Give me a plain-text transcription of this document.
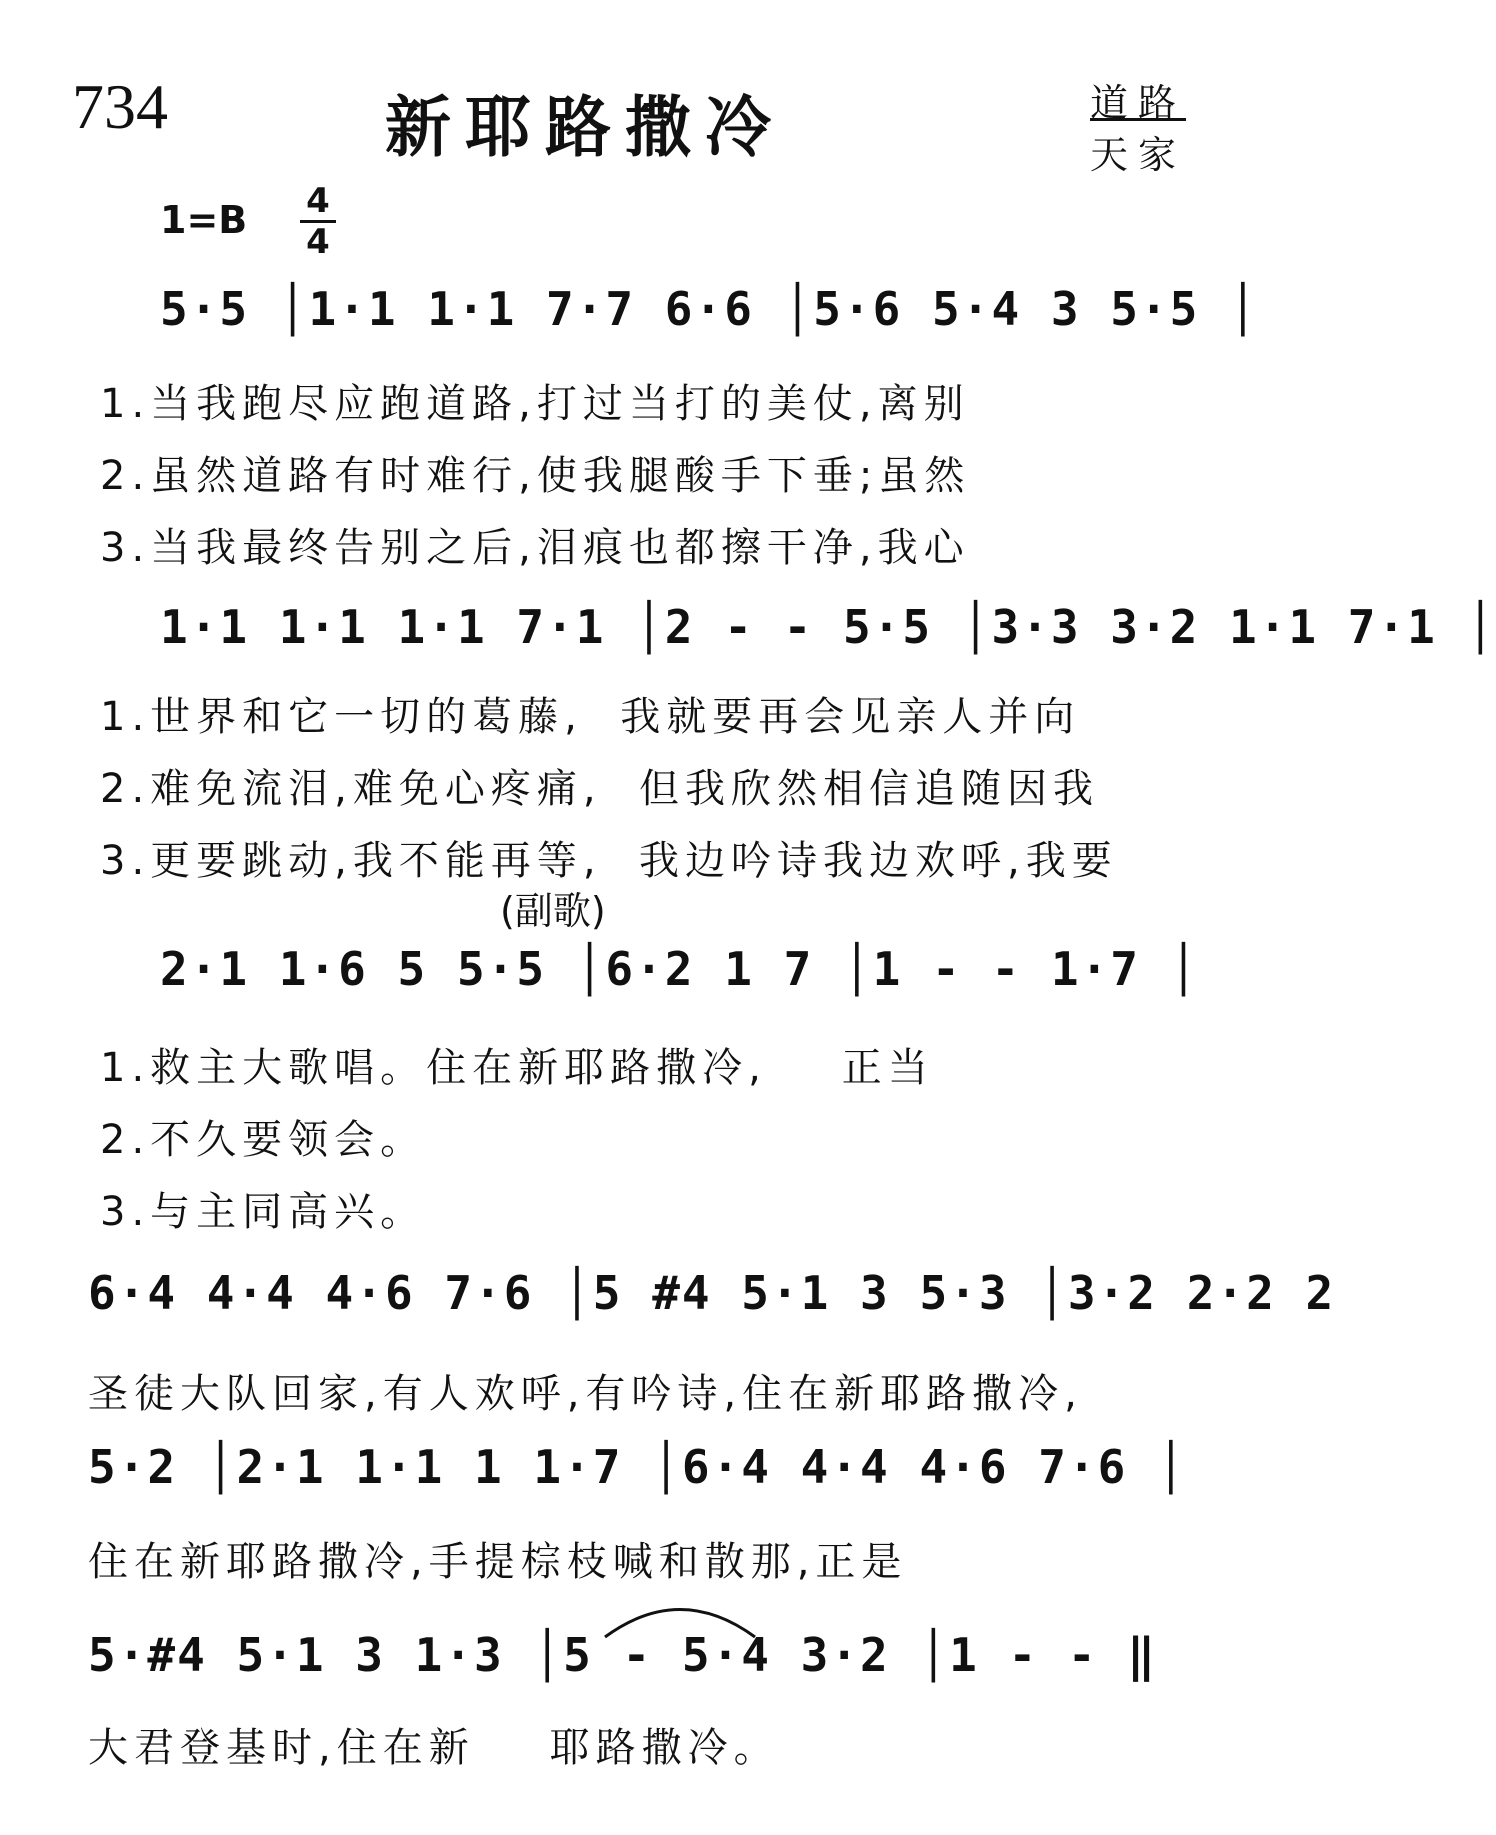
734	新耶路撒冷	道路
天家
1=B 4
4
5·5 │1·1 1·1 7·7 6·6 │5·6 5·4 3 5·5 │
1.当我跑尽应跑道路,打过当打的美仗,离别
2.虽然道路有时难行,使我腿酸手下垂;虽然
3.当我最终告别之后,泪痕也都擦干净,我心
1·1 1·1 1·1 7·1 │2 - - 5·5 │3·3 3·2 1·1 7·1 │
1.世界和它一切的葛藤,  我就要再会见亲人并向
2.难免流泪,难免心疼痛,  但我欣然相信追随因我
3.更要跳动,我不能再等,  我边吟诗我边欢呼,我要
(副歌)
2·1 1·6 5 5·5 │6·2 1 7 │1 - - 1·7 │
1.救主大歌唱。住在新耶路撒冷,    正当
2.不久要领会。
3.与主同高兴。
6·4 4·4 4·6 7·6 │5 #4 5·1 3 5·3 │3·2 2·2 2
圣徒大队回家,有人欢呼,有吟诗,住在新耶路撒冷,
5·2 │2·1 1·1 1 1·7 │6·4 4·4 4·6 7·6 │
住在新耶路撒冷,手提棕枝喊和散那,正是
5·#4 5·1 3 1·3 │5 - 5·4 3·2 │1 - - ‖
大君登基时,住在新    耶路撒冷。
